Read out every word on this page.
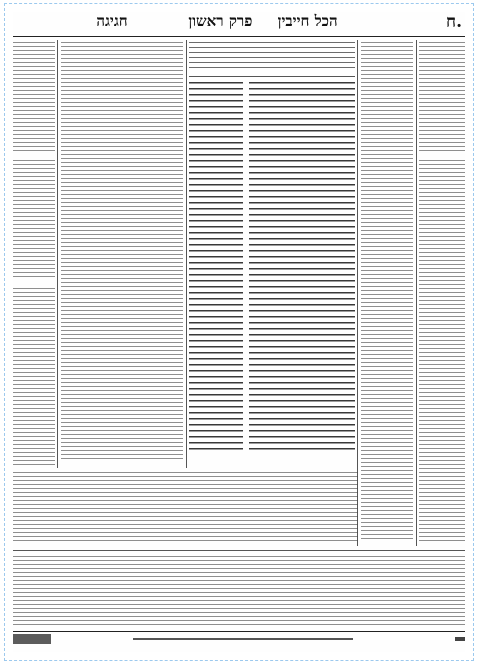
ח.
פרק ראשון הכל חייבין
חגיגה
